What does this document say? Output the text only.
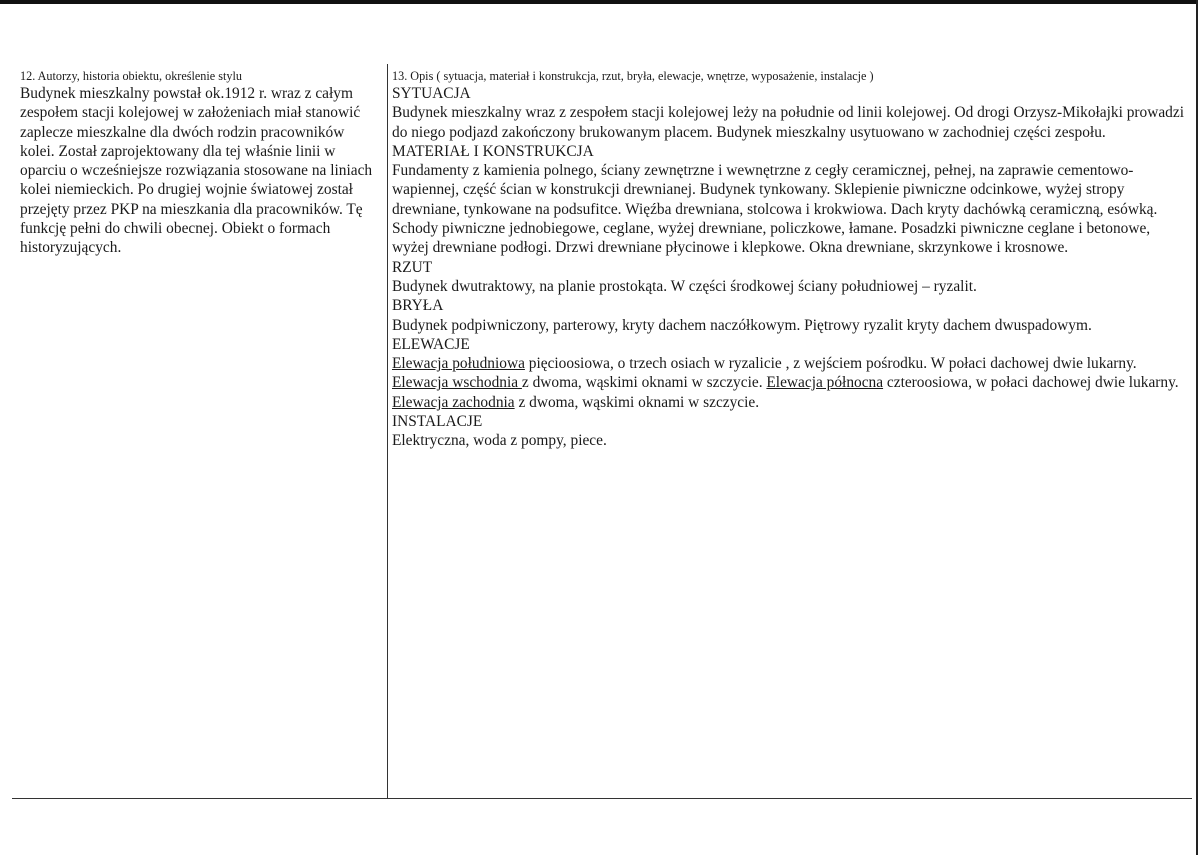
12. Autorzy, historia obiektu, określenie stylu

Budynek mieszkalny powstał ok.1912 r. wraz z całym zespołem stacji kolejowej w założeniach miał stanowić zaplecze mieszkalne dla dwóch rodzin pracowników kolei. Został zaprojektowany dla tej właśnie linii w oparciu o wcześniejsze rozwiązania stosowane na liniach kolei niemieckich. Po drugiej wojnie światowej został przejęty przez PKP na mieszkania dla pracowników. Tę funkcję pełni do chwili obecnej. Obiekt o formach historyzujących.

13. Opis ( sytuacja, materiał i konstrukcja, rzut, bryła, elewacje, wnętrze, wyposażenie, instalacje )

SYTUACJA

Budynek mieszkalny wraz z zespołem stacji kolejowej leży na południe od linii kolejowej. Od drogi Orzysz-Mikołajki prowadzi do niego podjazd zakończony brukowanym placem. Budynek mieszkalny usytuowano w zachodniej części zespołu.

MATERIAŁ I KONSTRUKCJA

Fundamenty z kamienia polnego, ściany zewnętrzne i wewnętrzne z cegły ceramicznej, pełnej, na zaprawie cementowo-wapiennej, część ścian w konstrukcji drewnianej. Budynek tynkowany. Sklepienie piwniczne odcinkowe, wyżej stropy drewniane, tynkowane na podsufitce. Więźba drewniana, stolcowa i krokwiowa. Dach kryty dachówką ceramiczną, esówką. Schody piwniczne jednobiegowe, ceglane, wyżej drewniane, policzkowe, łamane. Posadzki piwniczne ceglane i betonowe, wyżej drewniane podłogi. Drzwi drewniane płycinowe i klepkowe. Okna drewniane, skrzynkowe i krosnowe.

RZUT

Budynek dwutraktowy, na planie prostokąta. W części środkowej ściany południowej – ryzalit.

BRYŁA

Budynek podpiwniczony, parterowy, kryty dachem naczółkowym. Piętrowy ryzalit kryty dachem dwuspadowym.

ELEWACJE

Elewacja południowa pięcioosiowa, o trzech osiach w ryzalicie , z wejściem pośrodku. W połaci dachowej dwie lukarny. Elewacja wschodnia z dwoma, wąskimi oknami w szczycie. Elewacja północna czteroosiowa, w połaci dachowej dwie lukarny. Elewacja zachodnia z dwoma, wąskimi oknami w szczycie.

INSTALACJE

Elektryczna, woda z pompy, piece.
